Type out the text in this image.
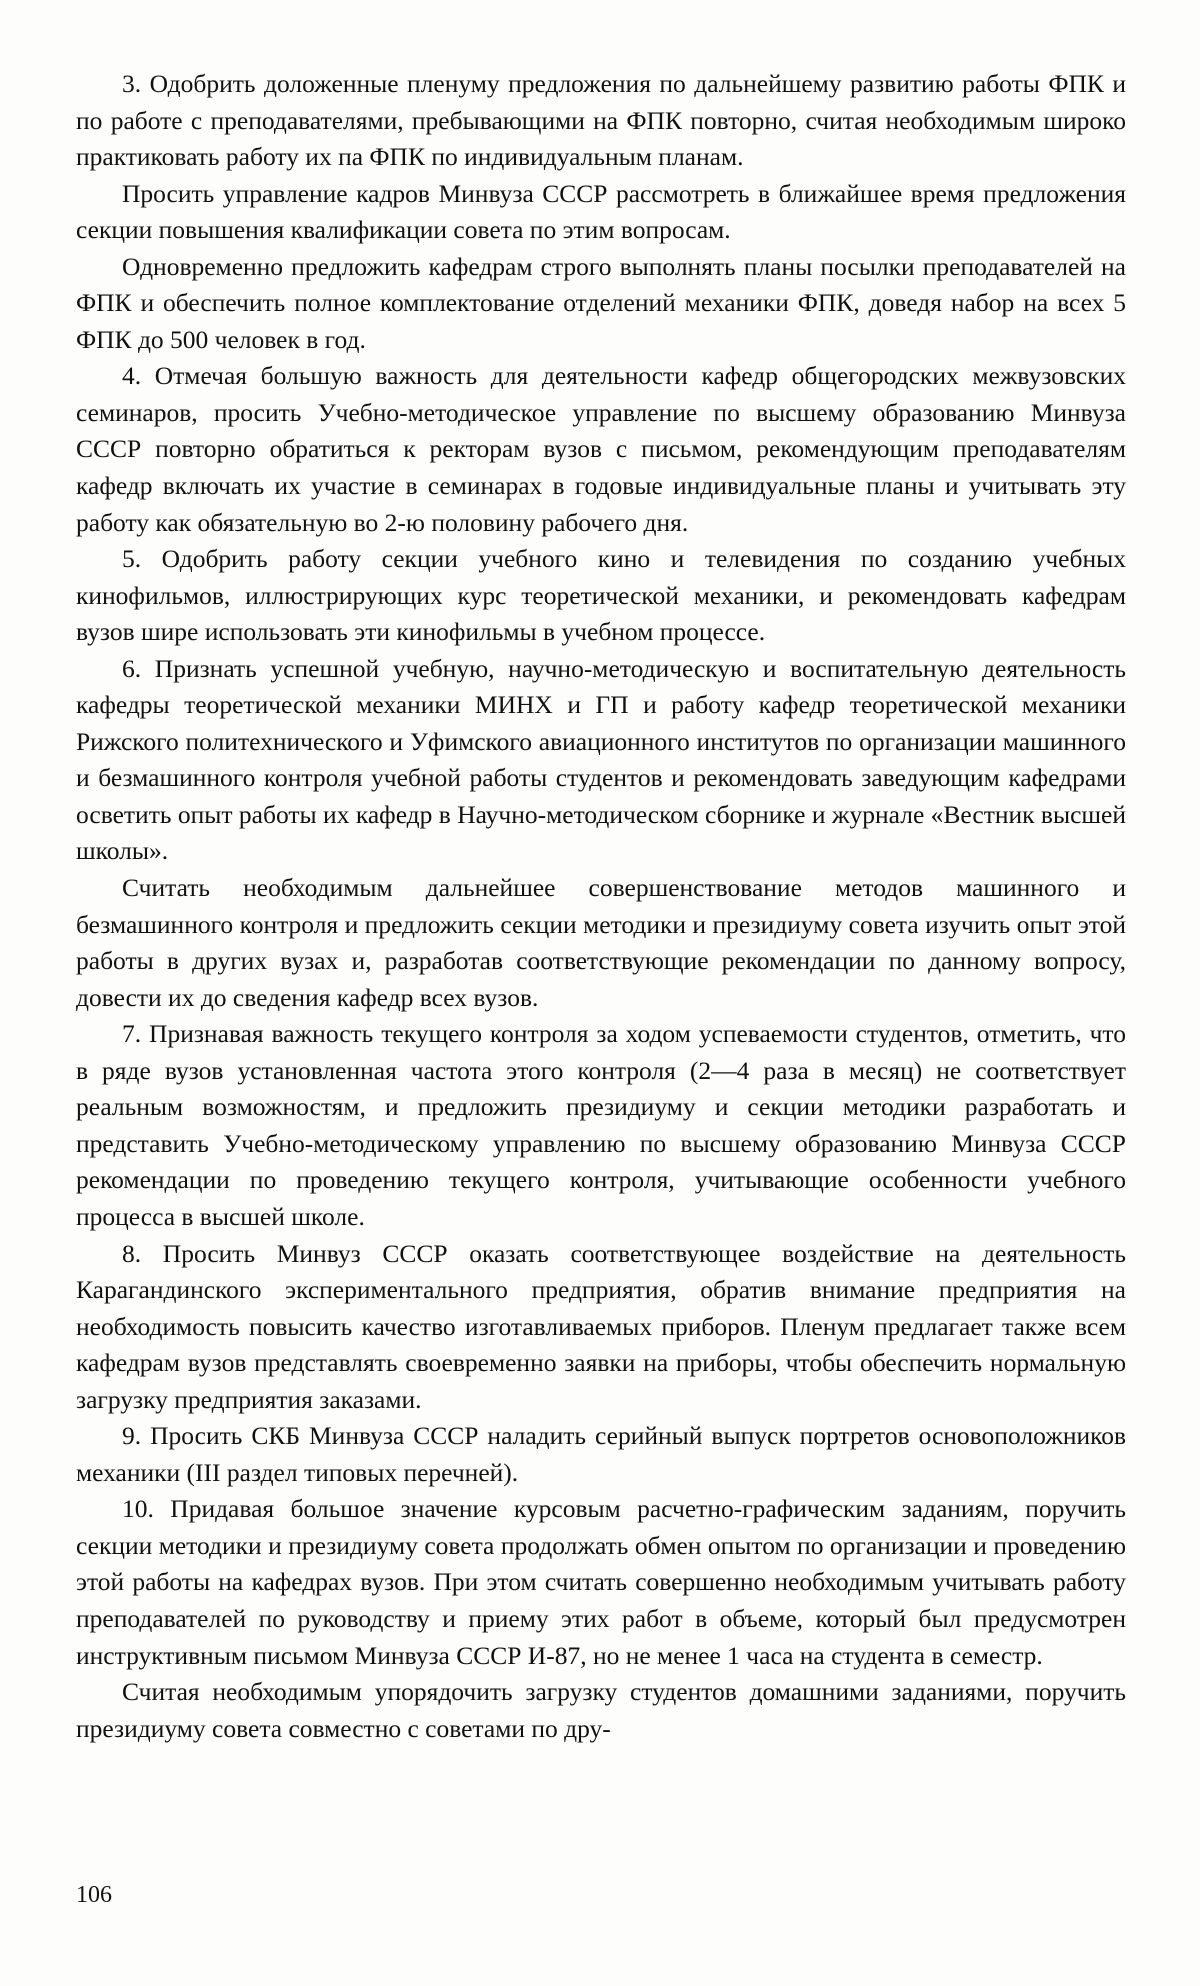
3. Одобрить доложенные пленуму предложения по дальнейшему развитию работы ФПК и по работе с преподавателями, пребывающими на ФПК повторно, считая необходимым широко практиковать работу их па ФПК по индивидуальным планам.

Просить управление кадров Минвуза СССР рассмотреть в ближайшее время предложения секции повышения квалификации совета по этим вопросам.

Одновременно предложить кафедрам строго выполнять планы посылки преподавателей на ФПК и обеспечить полное комплектование отделений механики ФПК, доведя набор на всех 5 ФПК до 500 человек в год.

4. Отмечая большую важность для деятельности кафедр общегородских межвузовских семинаров, просить Учебно-методическое управление по высшему образованию Минвуза СССР повторно обратиться к ректорам вузов с письмом, рекомендующим преподавателям кафедр включать их участие в семинарах в годовые индивидуальные планы и учитывать эту работу как обязательную во 2-ю половину рабочего дня.

5. Одобрить работу секции учебного кино и телевидения по созданию учебных кинофильмов, иллюстрирующих курс теоретической механики, и рекомендовать кафедрам вузов шире использовать эти кинофильмы в учебном процессе.

6. Признать успешной учебную, научно-методическую и воспитательную деятельность кафедры теоретической механики МИНХ и ГП и работу кафедр теоретической механики Рижского политехнического и Уфимского авиационного институтов по организации машинного и безмашинного контроля учебной работы студентов и рекомендовать заведующим кафедрами осветить опыт работы их кафедр в Научно-методическом сборнике и журнале «Вестник высшей школы».

Считать необходимым дальнейшее совершенствование методов машинного и безмашинного контроля и предложить секции методики и президиуму совета изучить опыт этой работы в других вузах и, разработав соответствующие рекомендации по данному вопросу, довести их до сведения кафедр всех вузов.

7. Признавая важность текущего контроля за ходом успеваемости студентов, отметить, что в ряде вузов установленная частота этого контроля (2—4 раза в месяц) не соответствует реальным возможностям, и предложить президиуму и секции методики разработать и представить Учебно-методическому управлению по высшему образованию Минвуза СССР рекомендации по проведению текущего контроля, учитывающие особенности учебного процесса в высшей школе.

8. Просить Минвуз СССР оказать соответствующее воздействие на деятельность Карагандинского экспериментального предприятия, обратив внимание предприятия на необходимость повысить качество изготавливаемых приборов. Пленум предлагает также всем кафедрам вузов представлять своевременно заявки на приборы, чтобы обеспечить нормальную загрузку предприятия заказами.

9. Просить СКБ Минвуза СССР наладить серийный выпуск портретов основоположников механики (III раздел типовых перечней).

10. Придавая большое значение курсовым расчетно-графическим заданиям, поручить секции методики и президиуму совета продолжать обмен опытом по организации и проведению этой работы на кафедрах вузов. При этом считать совершенно необходимым учитывать работу преподавателей по руководству и приему этих работ в объеме, который был предусмотрен инструктивным письмом Минвуза СССР И-87, но не менее 1 часа на студента в семестр.

Считая необходимым упорядочить загрузку студентов домашними заданиями, поручить президиуму совета совместно с советами по дру-

106
